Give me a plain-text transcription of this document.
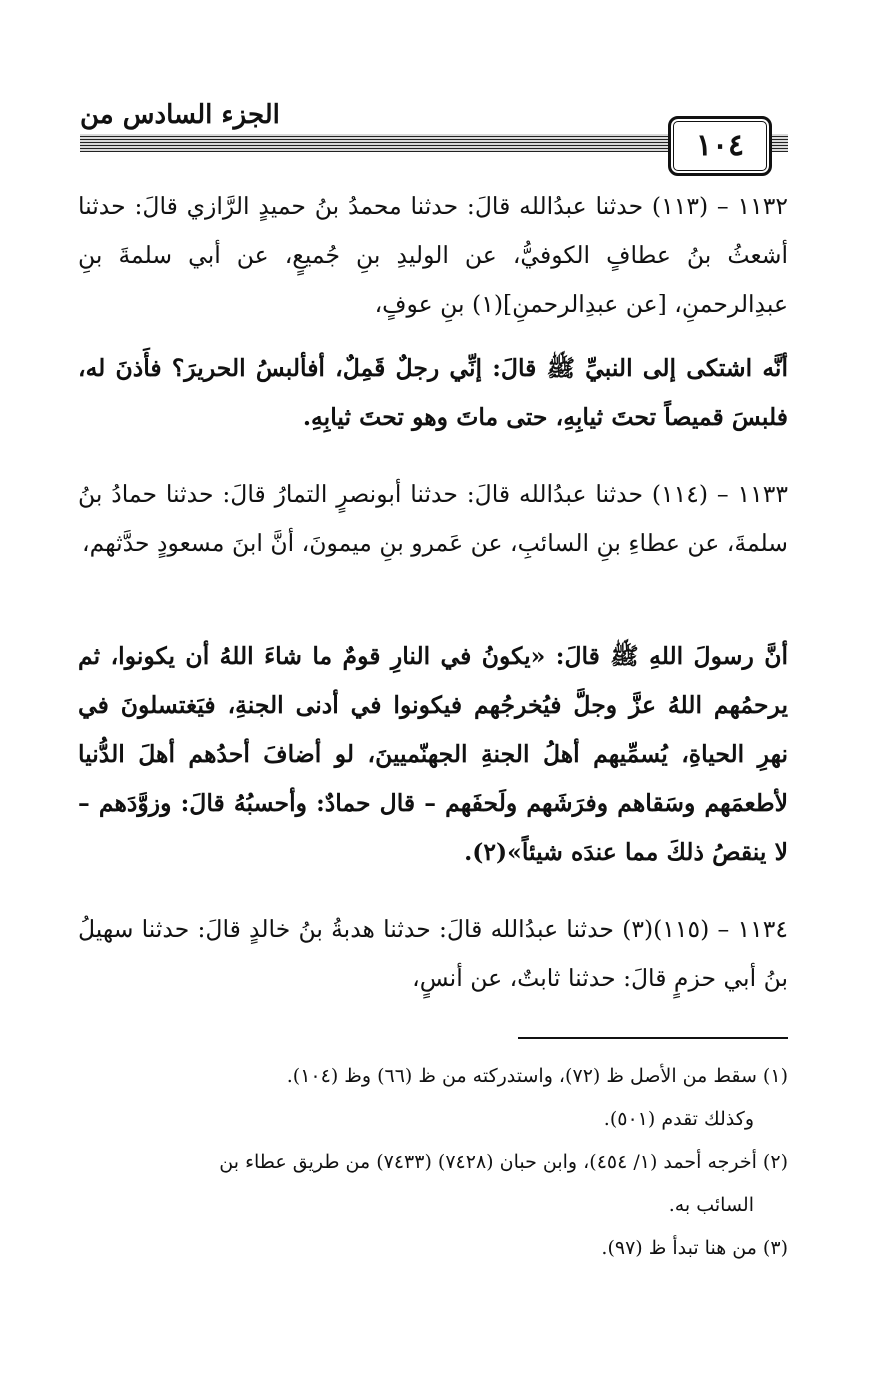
الجزء السادس من
١٠٤
١١٣٢ – (١١٣) حدثنا عبدُالله قالَ: حدثنا محمدُ بنُ حميدٍ الرَّازي قالَ: حدثنا أشعثُ بنُ عطافٍ الكوفيُّ، عن الوليدِ بنِ جُميعٍ، عن أبي سلمةَ بنِ عبدِالرحمنِ، [عن عبدِالرحمنِ](١) بنِ عوفٍ،
أنَّه اشتكى إلى النبيِّ ﷺ قالَ: إنِّي رجلٌ قَمِلٌ، أفألبسُ الحريرَ؟ فأَذنَ له، فلبسَ قميصاً تحتَ ثيابِهِ، حتى ماتَ وهو تحتَ ثيابِهِ.
١١٣٣ – (١١٤) حدثنا عبدُالله قالَ: حدثنا أبونصرٍ التمارُ قالَ: حدثنا حمادُ بنُ سلمةَ، عن عطاءِ بنِ السائبِ، عن عَمرو بنِ ميمونَ، أنَّ ابنَ مسعودٍ حدَّثهم،
أنَّ رسولَ اللهِ ﷺ قالَ: «يكونُ في النارِ قومٌ ما شاءَ اللهُ أن يكونوا، ثم يرحمُهم اللهُ عزَّ وجلَّ فيُخرجُهم فيكونوا في أدنى الجنةِ، فيَغتسلونَ في نهرِ الحياةِ، يُسمِّيهم أهلُ الجنةِ الجهنّميينَ، لو أضافَ أحدُهم أهلَ الدُّنيا لأطعمَهم وسَقاهم وفرَشَهم ولَحفَهم – قال حمادٌ: وأحسبُهُ قالَ: وزوَّدَهم – لا ينقصُ ذلكَ مما عندَه شيئاً»(٢).
١١٣٤ – (١١٥)(٣) حدثنا عبدُالله قالَ: حدثنا هدبةُ بنُ خالدٍ قالَ: حدثنا سهيلُ بنُ أبي حزمٍ قالَ: حدثنا ثابتٌ، عن أنسٍ،
(١) سقط من الأصل ظ (٧٢)، واستدركته من ظ (٦٦) وظ (١٠٤).
وكذلك تقدم (٥٠١).
(٢) أخرجه أحمد (١/ ٤٥٤)، وابن حبان (٧٤٢٨) (٧٤٣٣) من طريق عطاء بن
السائب به.
(٣) من هنا تبدأ ظ (٩٧).
